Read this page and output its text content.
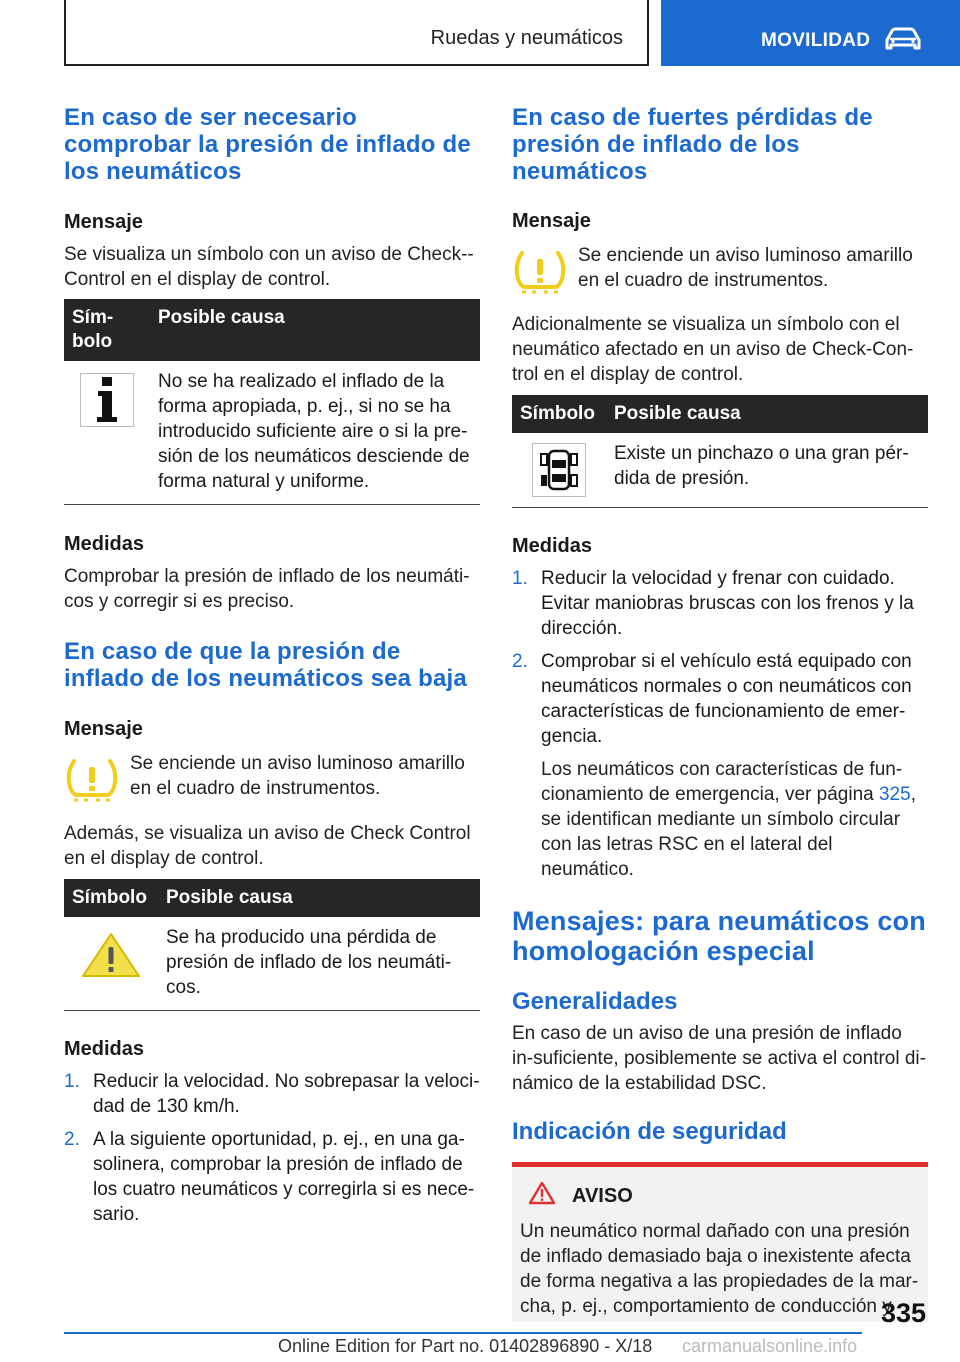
Ruedas y neumáticos	MOVILIDAD
En caso de ser necesario comprobar la presión de inflado de los neumáticos
Mensaje

Se visualiza un símbolo con un aviso de Check--Control en el display de control.

Sím-bolo	Posible causa

	No se ha realizado el inflado de la forma apropiada, p. ej., si no se ha introducido suficiente aire o si la pre-sión de los neumáticos desciende de forma natural y uniforme.
Medidas

Comprobar la presión de inflado de los neumáti-cos y corregir si es preciso.

En caso de que la presión de inflado de los neumáticos sea baja
Mensaje

Se enciende un aviso luminoso amarillo en el cuadro de instrumentos.

Además, se visualiza un aviso de Check Control en el display de control.

Símbolo	Posible causa

	Se ha producido una pérdida de presión de inflado de los neumáti-cos.
Medidas
1. Reducir la velocidad. No sobrepasar la veloci-dad de 130 km/h.
2. A la siguiente oportunidad, p. ej., en una ga-solinera, comprobar la presión de inflado de los cuatro neumáticos y corregirla si es nece-sario.
En caso de fuertes pérdidas de presión de inflado de los neumáticos
Mensaje

Se enciende un aviso luminoso amarillo en el cuadro de instrumentos.

Adicionalmente se visualiza un símbolo con el neumático afectado en un aviso de Check-Con-trol en el display de control.

Símbolo	Posible causa

	Existe un pinchazo o una gran pér-dida de presión.
Medidas
1. Reducir la velocidad y frenar con cuidado. Evitar maniobras bruscas con los frenos y la dirección.
2. Comprobar si el vehículo está equipado con neumáticos normales o con neumáticos con características de funcionamiento de emer-gencia.

Los neumáticos con características de fun-cionamiento de emergencia, ver página 325, se identifican mediante un símbolo circular con las letras RSC en el lateral del neumático.

Mensajes: para neumáticos con homologación especial
Generalidades

En caso de un aviso de una presión de inflado in-suficiente, posiblemente se activa el control di-námico de la estabilidad DSC.

Indicación de seguridad
AVISO

Un neumático normal dañado con una presión de inflado demasiado baja o inexistente afecta de forma negativa a las propiedades de la mar-cha, p. ej., comportamiento de conducción y

335
Online Edition for Part no. 01402896890 - X/18 carmanualsonline.info
